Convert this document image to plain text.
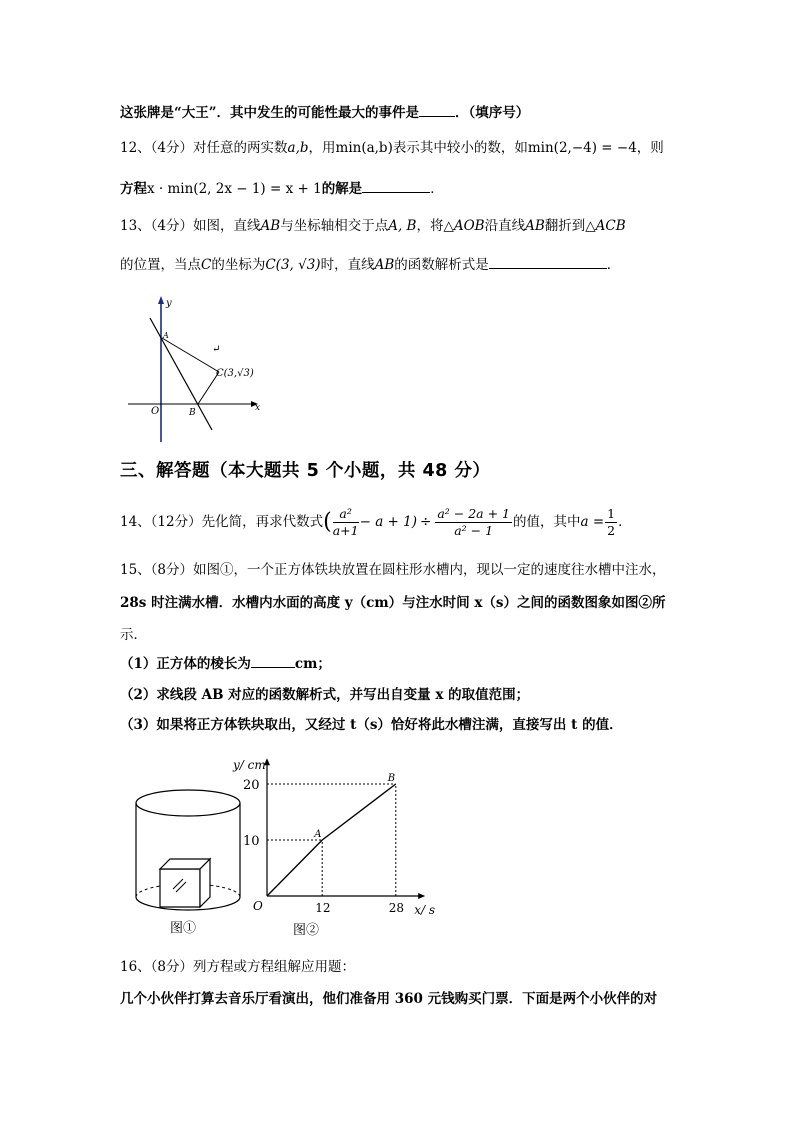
这张牌是“大王”．其中发生的可能性最大的事件是	．（填序号）
12、（4分）对任意的两实数a,b，用min(a,b)表示其中较小的数，如min(2,−4) = −4，则
方程x · min(2, 2x − 1) = x + 1的解是	．
13、（4分）如图，直线AB与坐标轴相交于点A, B，将△AOB沿直线AB翻折到△ACB
的位置，当点C的坐标为C(3, √3)时，直线AB的函数解析式是	．
y
A
↵
C(3,√3)
O	B	x
三、解答题（本大题共 5 个小题，共 48 分）
14、（12分）先化简，再求代数式( $\frac{\text{a²}}{a+1} - a + 1) \div \frac{\text{a² − 2a + 1}}{\text{a² − 1}}$ 的值，其中$a = \frac{1}{2}$ ．
15、（8分）如图①，一个正方体铁块放置在圆柱形水槽内，现以一定的速度往水槽中注水，
28s 时注满水槽．水槽内水面的高度 y（cm）与注水时间 x（s）之间的函数图象如图②所
示．
（1）正方体的棱长为	cm；
（2）求线段 AB 对应的函数解析式，并写出自变量 x 的取值范围；
（3）如果将正方体铁块取出，又经过 t（s）恰好将此水槽注满，直接写出 t 的值．
图①
y/ cm
x/ s
O	12	28
10
20
A
B
图②
16、（8分）列方程或方程组解应用题：
几个小伙伴打算去音乐厅看演出，他们准备用 360 元钱购买门票．下面是两个小伙伴的对
